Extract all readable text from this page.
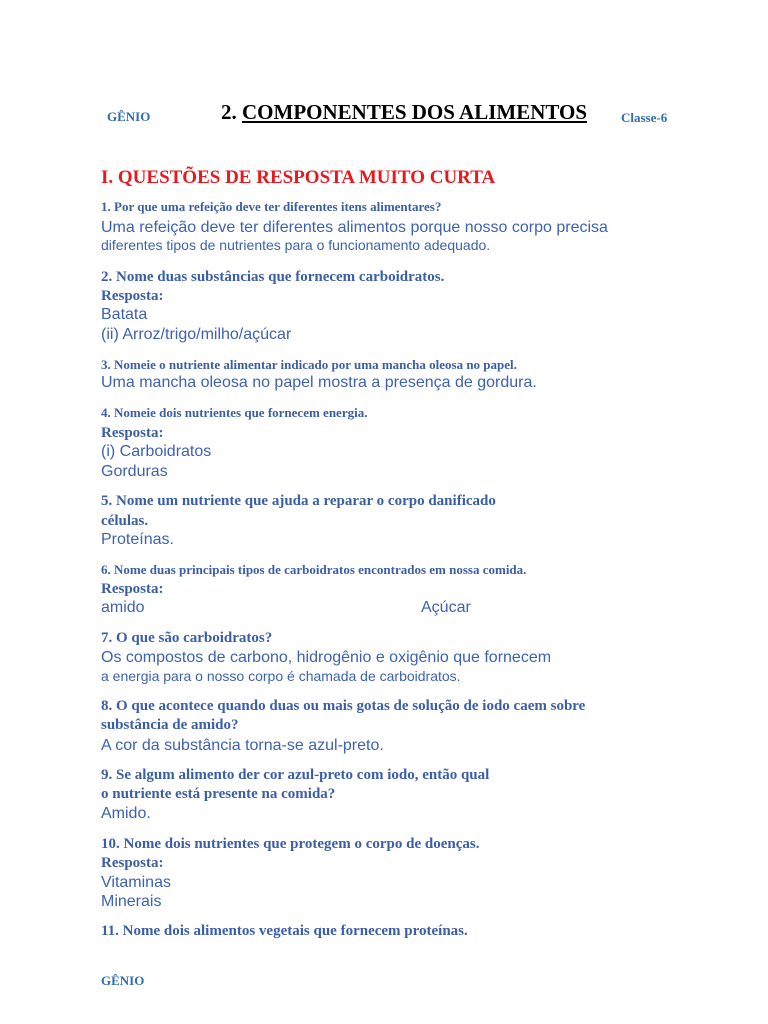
GÊNIO	2. COMPONENTES DOS ALIMENTOS	Classe-6
I. QUESTÕES DE RESPOSTA MUITO CURTA
1. Por que uma refeição deve ter diferentes itens alimentares?
Uma refeição deve ter diferentes alimentos porque nosso corpo precisa
diferentes tipos de nutrientes para o funcionamento adequado.
2. Nome duas substâncias que fornecem carboidratos.
Resposta:
Batata
(ii) Arroz/trigo/milho/açúcar
3. Nomeie o nutriente alimentar indicado por uma mancha oleosa no papel.
Uma mancha oleosa no papel mostra a presença de gordura.
4. Nomeie dois nutrientes que fornecem energia.
Resposta:
(i) Carboidratos
Gorduras
5. Nome um nutriente que ajuda a reparar o corpo danificado
células.
Proteínas.
6. Nome duas principais tipos de carboidratos encontrados em nossa comida.
Resposta:
amido	Açúcar
7. O que são carboidratos?
Os compostos de carbono, hidrogênio e oxigênio que fornecem
a energia para o nosso corpo é chamada de carboidratos.
8. O que acontece quando duas ou mais gotas de solução de iodo caem sobre
substância de amido?
A cor da substância torna-se azul-preto.
9. Se algum alimento der cor azul-preto com iodo, então qual
o nutriente está presente na comida?
Amido.
10. Nome dois nutrientes que protegem o corpo de doenças.
Resposta:
Vitaminas
Minerais
11. Nome dois alimentos vegetais que fornecem proteínas.
GÊNIO
